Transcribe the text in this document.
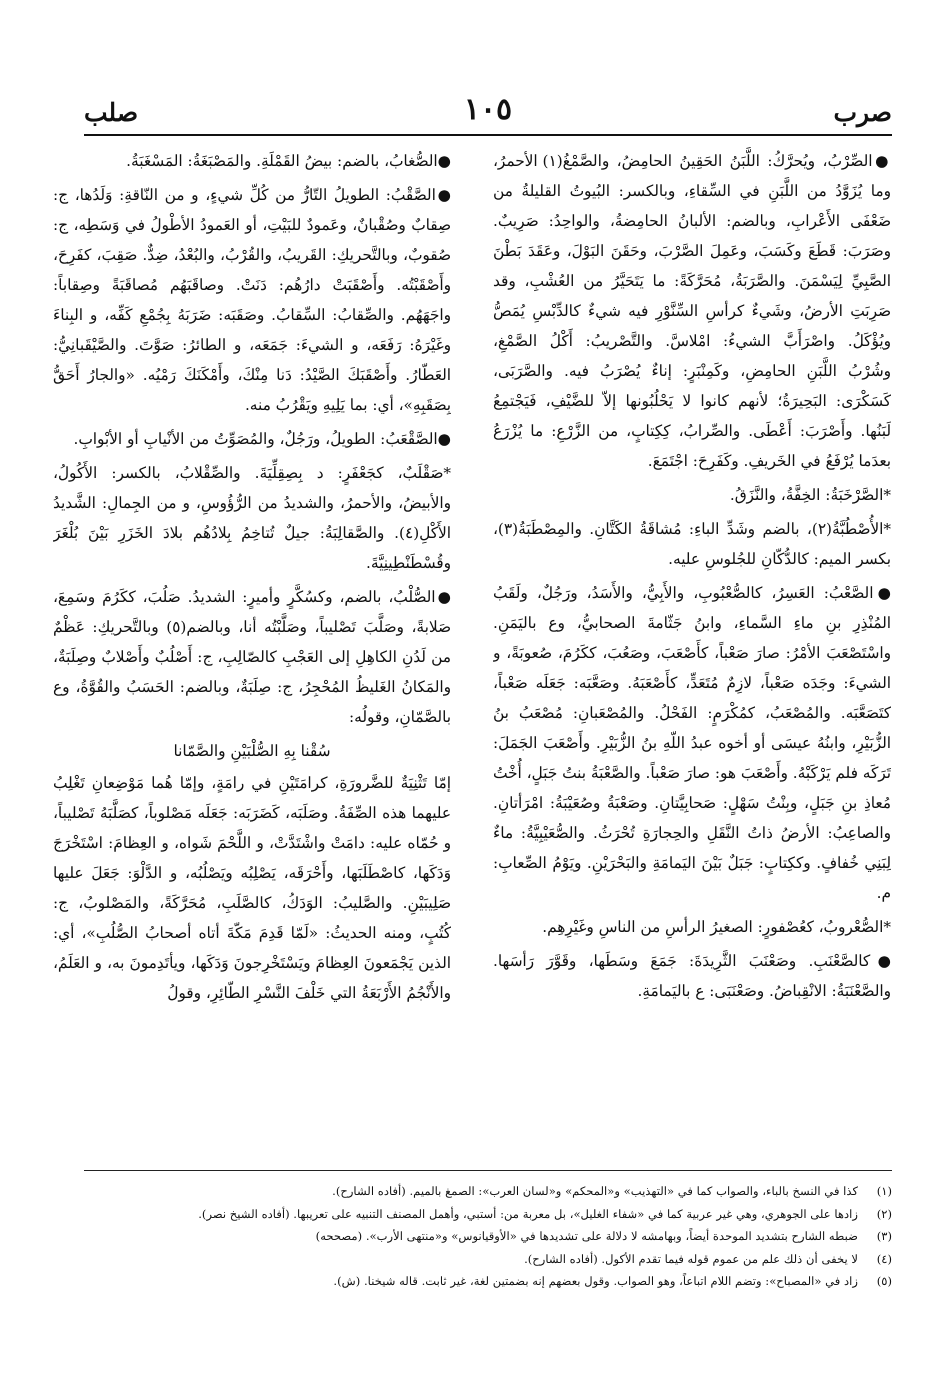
صرب
١٠٥
صلب

●الصِّرْبُ، ويُحرَّكُ: اللَّبَنُ الحَقِينُ الحامِضُ، والصَّمْغُ(١) الأحمرُ، وما يُزَوَّدُ من اللَّبَنِ في السِّقاءِ، وبالكسر: البُيوتُ القليلةُ من ضَعْفَى الأَعْرابِ، وبالضم: الألبانُ الحامِضةُ، والواحِدُ: صَرِيبٌ. وصَرَبَ: قَطَعَ وكَسَبَ، وعَمِلَ الصَّرْبَ، وحَقَنَ البَوْلَ، وعَقَدَ بَطْنَ الصَّبِيِّ لِيَسْمَنَ. والصَّرَبَةُ، مُحَرَّكَةً: ما يَتَحَيَّرُ من العُشْبِ، وقد صَرِبَتِ الأرضُ، وشَيءٌ كرأسِ السِّنَّوْرِ فيه شيءٌ كالدِّبْسِ يُمَصُّ ويُؤْكَلُ. واصْرَأَبَّ الشيءُ: امْلاسَّ. والتَّصْريبُ: أَكْلُ الصَّمْغِ، وشُرْبُ اللَّبَنِ الحامِضِ، وكَمِنْبَرٍ: إناءٌ يُصْرَبُ فيه. والصَّرَبَى، كَسَكْرَى: البَحِيرَةُ؛ لأنهم كانوا لا يَحْلُبُونها إلاّ للضَّيْفِ، فَيَجْتمِعُ لَبَنُها. وأَصْرَبَ: أَعْطَى. والصِّرابُ، كِكِتابٍ، من الزَّرْعِ: ما يُزْرَعُ بعدَما يُرْفَعُ في الخَريفِ. وكَفَرِحَ: اجْتَمَعَ.

*الصَّرْخَبَةُ: الخِفَّةُ، والنَّزَقُ.

*الأُصْطُبَّةُ(٢)، بالضم وشَدِّ الباءِ: مُشاقَةُ الكَتَّانِ. والمِصْطَبَةُ(٣)، بكسر الميم: كالدُّكّانِ للجُلوسِ عليه.

●الصَّعْبُ: العَسِرُ، كالصُّعْبُوبِ، والأَبِيُّ، والأَسَدُ، ورَجُلٌ، ولَقَبُ المُنْذِرِ بنِ ماءِ السَّماءِ، وابنُ جَثّامةَ الصحابيُّ، وع باليَمَنِ. واسْتَصْعَبَ الأمْرُ: صارَ صَعْباً، كأَصْعَبَ، وصَعُبَ، ككَرُمَ، صُعوبَةً، و الشيءَ: وجَدَه صَعْباً، لازِمٌ مُتَعَدٍّ، كأَصْعَبَهُ. وصَعَّبَه: جَعَلَه صَعْباً، كتَصَعَّبَه. والمُصْعَبُ، كمُكْرَمٍ: الفَحْلُ. والمُصْعَبانِ: مُصْعَبُ بنُ الزُّبَيْرِ، وابنُهُ عيسَى أو أخوه عبدُ اللّهِ بنُ الزُّبَيْرِ. وأَصْعَبَ الجَمَلَ: تَرَكَه فلم يَرْكَبْهُ. وأَصْعَبَ هو: صارَ صَعْباً. والصَّعْبَةُ بنتُ جَبَلٍ، أُخْتُ مُعاذِ بنِ جَبَلٍ، وبِنْتُ سَهْلٍ: صَحابِيَّتانِ. وصَعْبَةُ وصُعَيْبَةُ: امْرَأتانِ. والصاعِبُ: الأرضُ ذاتُ النَّقَلِ والحِجارَةِ تُحْرَثُ. والصُّعَيْبِيَّةُ: ماءٌ لِبَنِي خُفافٍ. وككِتابٍ: جَبَلٌ بَيْنَ اليَمامَةِ والبَحْرَيْنِ. ويَوْمُ الصِّعابِ: م.

*الصُّعْروبُ، كعُصْفورٍ: الصغيرُ الرأسِ من الناسِ وغَيْرِهِم.

●كالصَّعْنَبِ. وصَعْنَبَ الثَّرِيدَةَ: جَمَعَ وسَطَها، وقَوَّرَ رَأسَها. والصَّعْنَبَةُ: الانْقِباضُ. وصَعْنَبَى: ع باليَمامَةِ.

●الصُّغابُ، بالضم: بيضُ القَمْلَةِ. والمَصْبَغَةُ: المَسْغَبَةُ.

●الصَّقْبُ: الطويلُ التّارُّ من كُلِّ شيءٍ، و من النّاقةِ: وَلَدُها، ج: صِقابٌ وصُقْبانٌ، وعَمودٌ للبَيْتِ، أو العَمودُ الأطْولُ في وَسَطِه، ج: صُقوبٌ، وبالتَّحريكِ: القَريبُ، والقُرْبُ، والبُعْدُ، ضِدٌّ. صَقِبَ، كفَرِحَ، وأَصْقَبْتُه. وأَصْقَبَتْ دارُهُم: دَنَتْ. وصاقَبَهُم مُصاقَبَةً وصِقاباً: واجَهَهُم. والصِّقابُ: السِّقابُ. وصَقَبَه: ضَرَبَهُ بِجُمْعِ كَفِّه، و البِناءَ وغَيْرَهُ: رَفَعَه، و الشيءَ: جَمَعَه، و الطائرُ: صَوَّتَ. والصَّيْقَبانِيُّ: العَطّارُ. وأَصْقَبَكَ الصَّيْدُ: دَنا مِنْكَ، وأَمْكَنَكَ رَمْيُه. «والجارُ أَحَقُّ بِصَقَبِهِ»، أي: بما يَلِيهِ ويَقْرُبُ منه.

●الصَّقْعَبُ: الطويلُ، ورَجُلٌ، والمُصَوِّتُ من الأنْيابِ أو الأبْوابِ.

*صَقْلَبٌ، كجَعْفَرٍ: د بِصِقِلِّيَةَ. والصِّقْلابُ، بالكسر: الأَكُولُ، والأبيضُ، والأحمرُ، والشديدُ من الرُّؤُوسِ، و من الجِمالِ: الشَّديدُ الأَكْلِ(٤). والصَّقالِبَةُ: جيلٌ تُتاخِمُ بِلادُهُم بلادَ الخَزَرِ بَيْنَ بُلْغَرَ وقُسْطَنْطِينِيَّةَ.

●الصُّلْبُ، بالضم، وكسُكَّرٍ وأميرٍ: الشديدُ. صَلُبَ، ككَرُمَ وسَمِعَ، صَلابةً، وصَلَّبَ تَصْليباً، وصَلَّبْتُه أنا، وبالضم(٥) وبالتَّحريكِ: عَظْمٌ من لَدُنِ الكاهِلِ إلى العَجْبِ كالصّالِبِ، ج: أَصْلُبٌ وأَصْلابٌ وصِلَبَةٌ، والمَكانُ الغَليظُ المُحْجِرُ، ج: صِلَبَةٌ، وبالضم: الحَسَبُ والقُوَّةُ، وع بالصَّمّانِ، وقولُه:

سُقْنا بِهِ الصُّلْبَيْنِ والصَّمّانا

إمّا تَثْنِيَةٌ للضَّرورَةِ، كرامَتَيْنِ في رامَةٍ، وإمّا هُما مَوْضِعانِ تَغْلِبُ عليهما هذه الصِّفَةُ. وصَلَبَه، كَضَرَبَه: جَعَلَه مَصْلوباً، كصَلَّبَهُ تَصْليباً، و حُمّاه عليه: دامَتْ واشْتَدَّتْ، و اللَّحْمَ شَواه، و العِظامَ: اسْتَخْرَجَ وَدَكَها، كاصْطَلَبَها، وأَحْرَقَه، يَصْلِبُه ويَصْلُبُه، و الدَّلْوَ: جَعَلَ عليها صَلِيبَيْنِ. والصَّليبُ: الوَدَكُ، كالصَّلَبِ، مُحَرَّكَةً، والمَصْلوبُ، ج: كُتُبٍ، ومنه الحديثُ: «لَمّا قَدِمَ مَكّةَ أتاه أصحابُ الصُّلُبِ»، أي: الذين يَجْمَعونَ العِظامَ ويَسْتَخْرِجونَ وَدَكَها، ويأتَدِمونَ به، و العَلَمُ، والأَنْجُمُ الأَرْبَعَةُ التي خَلْفَ النَّسْرِ الطّائِرِ، وقولُ

(١)كذا في النسخ بالباء، والصواب كما في «التهذيب» و«المحكم» و«لسان العرب»: الصمغ بالميم. (أفاده الشارح).
(٢)زادها على الجوهري، وهي غير عربية كما في «شفاء الغليل»، بل معربة من: أستبي، وأهمل المصنف التنبيه على تعريبها. (أفاده الشيخ نصر).
(٣)ضبطه الشارح بتشديد الموحدة أيضاً، وبهامشه لا دلالة على تشديدها في «الأوقيانوس» و«منتهى الأرب». (مصححه)
(٤)لا يخفى أن ذلك علم من عموم قوله فيما تقدم الأكول. (أفاده الشارح).
(٥)زاد في «المصباح»: وتضم اللام اتباعاً، وهو الصواب. وقول بعضهم إنه بضمتين لغة، غير ثابت. قاله شيخنا. (ش).
